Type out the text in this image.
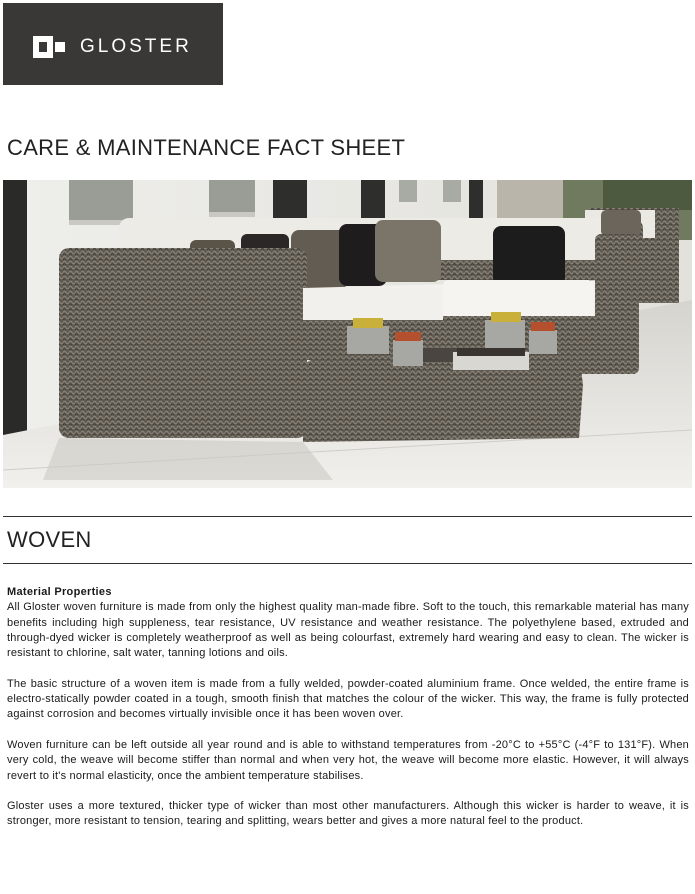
GLOSTER
CARE & MAINTENANCE FACT SHEET
WOVEN
Material Properties

All Gloster woven furniture is made from only the highest quality man-made fibre. Soft to the touch, this remarkable material has many benefits including high suppleness, tear resistance, UV resistance and weather resistance. The polyethylene based, extruded and through-dyed wicker is completely weatherproof as well as being colourfast, extremely hard wearing and easy to clean. The wicker is resistant to chlorine, salt water, tanning lotions and oils.

The basic structure of a woven item is made from a fully welded, powder-coated aluminium frame. Once welded, the entire frame is electro-statically powder coated in a tough, smooth finish that matches the colour of the wicker. This way, the frame is fully protected against corrosion and becomes virtually invisible once it has been woven over.

Woven furniture can be left outside all year round and is able to withstand temperatures from -20°C to +55°C (-4°F to 131°F). When very cold, the weave will become stiffer than normal and when very hot, the weave will become more elastic. However, it will always revert to it's normal elasticity, once the ambient temperature stabilises.

Gloster uses a more textured, thicker type of wicker than most other manufacturers. Although this wicker is harder to weave, it is stronger, more resistant to tension, tearing and splitting, wears better and gives a more natural feel to the product.
